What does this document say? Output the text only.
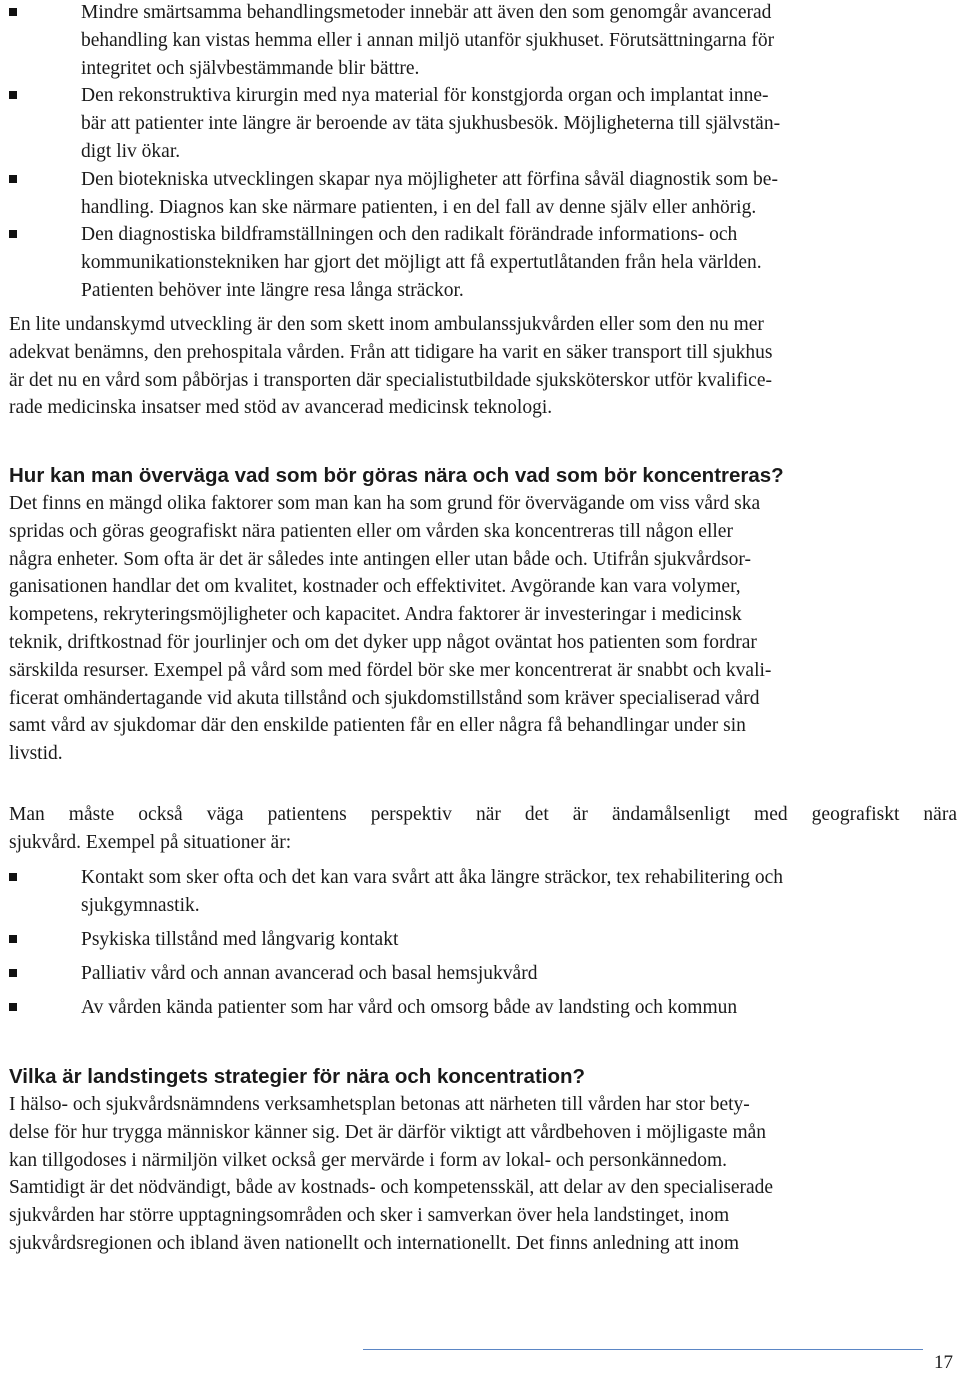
Mindre smärtsamma behandlingsmetoder innebär att även den som genomgår avancerad
behandling kan vistas hemma eller i annan miljö utanför sjukhuset. Förutsättningarna för
integritet och självbestämmande blir bättre.
Den rekonstruktiva kirurgin med nya material för konstgjorda organ och implantat inne-
bär att patienter inte längre är beroende av täta sjukhusbesök. Möjligheterna till självstän-
digt liv ökar.
Den biotekniska utvecklingen skapar nya möjligheter att förfina såväl diagnostik som be-
handling. Diagnos kan ske närmare patienten, i en del fall av denne själv eller anhörig.
Den diagnostiska bildframställningen och den radikalt förändrade informations- och
kommunikationstekniken har gjort det möjligt att få expertutlåtanden från hela världen.
Patienten behöver inte längre resa långa sträckor.
En lite undanskymd utveckling är den som skett inom ambulanssjukvården eller som den nu mer
adekvat benämns, den prehospitala vården. Från att tidigare ha varit en säker transport till sjukhus
är det nu en vård som påbörjas i transporten där specialistutbildade sjuksköterskor utför kvalifice-
rade medicinska insatser med stöd av avancerad medicinsk teknologi.
Hur kan man överväga vad som bör göras nära och vad som bör koncentreras?
Det finns en mängd olika faktorer som man kan ha som grund för övervägande om viss vård ska
spridas och göras geografiskt nära patienten eller om vården ska koncentreras till någon eller
några enheter. Som ofta är det är således inte antingen eller utan både och. Utifrån sjukvårdsor-
ganisationen handlar det om kvalitet, kostnader och effektivitet. Avgörande kan vara volymer,
kompetens, rekryteringsmöjligheter och kapacitet. Andra faktorer är investeringar i medicinsk
teknik, driftkostnad för jourlinjer och om det dyker upp något oväntat hos patienten som fordrar
särskilda resurser. Exempel på vård som med fördel bör ske mer koncentrerat är snabbt och kvali-
ficerat omhändertagande vid akuta tillstånd och sjukdomstillstånd som kräver specialiserad vård
samt vård av sjukdomar där den enskilde patienten får en eller några få behandlingar under sin
livstid.
Man måste också väga patientens perspektiv när det är ändamålsenligt med geografiskt nära
sjukvård. Exempel på situationer är:
Kontakt som sker ofta och det kan vara svårt att åka längre sträckor, tex rehabilitering och
sjukgymnastik.
Psykiska tillstånd med långvarig kontakt
Palliativ vård och annan avancerad och basal hemsjukvård
Av vården kända patienter som har vård och omsorg både av landsting och kommun
Vilka är landstingets strategier för nära och koncentration?
I hälso- och sjukvårdsnämndens verksamhetsplan betonas att närheten till vården har stor bety-
delse för hur trygga människor känner sig. Det är därför viktigt att vårdbehoven i möjligaste mån
kan tillgodoses i närmiljön vilket också ger mervärde i form av lokal- och personkännedom.
Samtidigt är det nödvändigt, både av kostnads- och kompetensskäl, att delar av den specialiserade
sjukvården har större upptagningsområden och sker i samverkan över hela landstinget, inom
sjukvårdsregionen och ibland även nationellt och internationellt. Det finns anledning att inom
17
